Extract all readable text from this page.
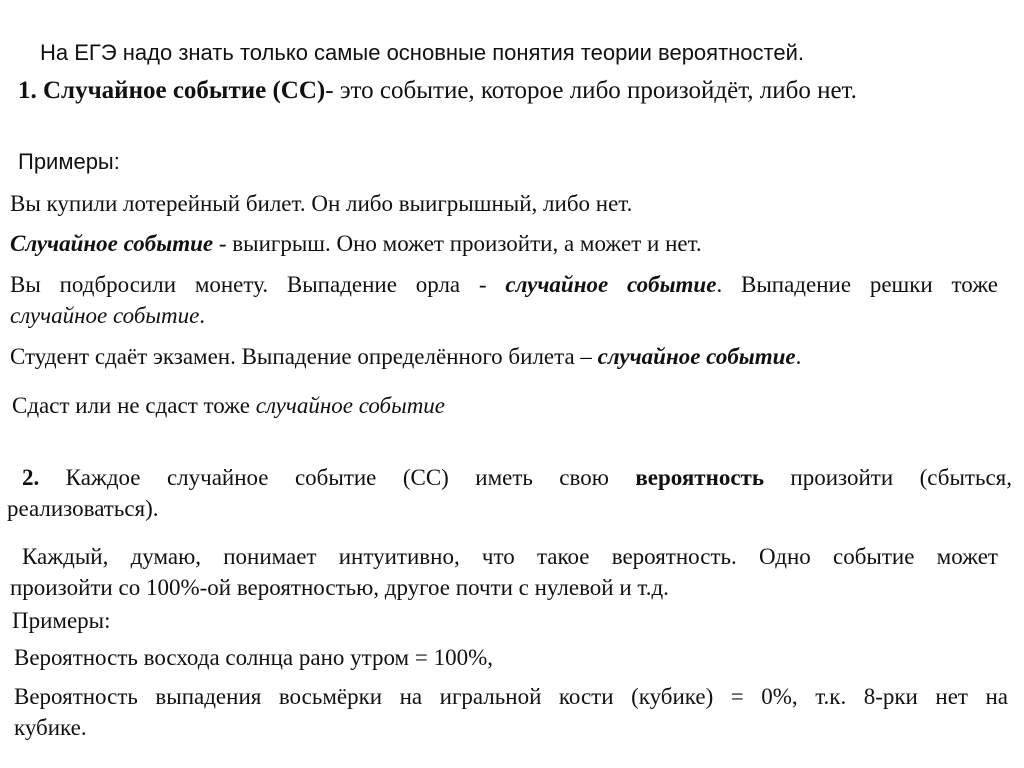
На ЕГЭ надо знать только самые основные понятия теории вероятностей.
1. Случайное событие (СС)- это событие, которое либо произойдёт, либо нет.
Примеры:
Вы купили лотерейный билет. Он либо выигрышный, либо нет.
Случайное событие - выигрыш. Оно может произойти, а может и нет.
Вы подбросили монету. Выпадение орла - случайное событие. Выпадение решки тоже
случайное событие.
Студент сдаёт экзамен. Выпадение определённого билета – случайное событие.
Сдаст или не сдаст тоже случайное событие
2. Каждое случайное событие (СС) иметь свою вероятность произойти (сбыться,
реализоваться).
Каждый, думаю, понимает интуитивно, что такое вероятность. Одно событие может
произойти со 100%-ой вероятностью, другое почти с нулевой и т.д.
Примеры:
Вероятность восхода солнца рано утром = 100%,
Вероятность выпадения восьмёрки на игральной кости (кубике) = 0%, т.к. 8-рки нет на
кубике.
